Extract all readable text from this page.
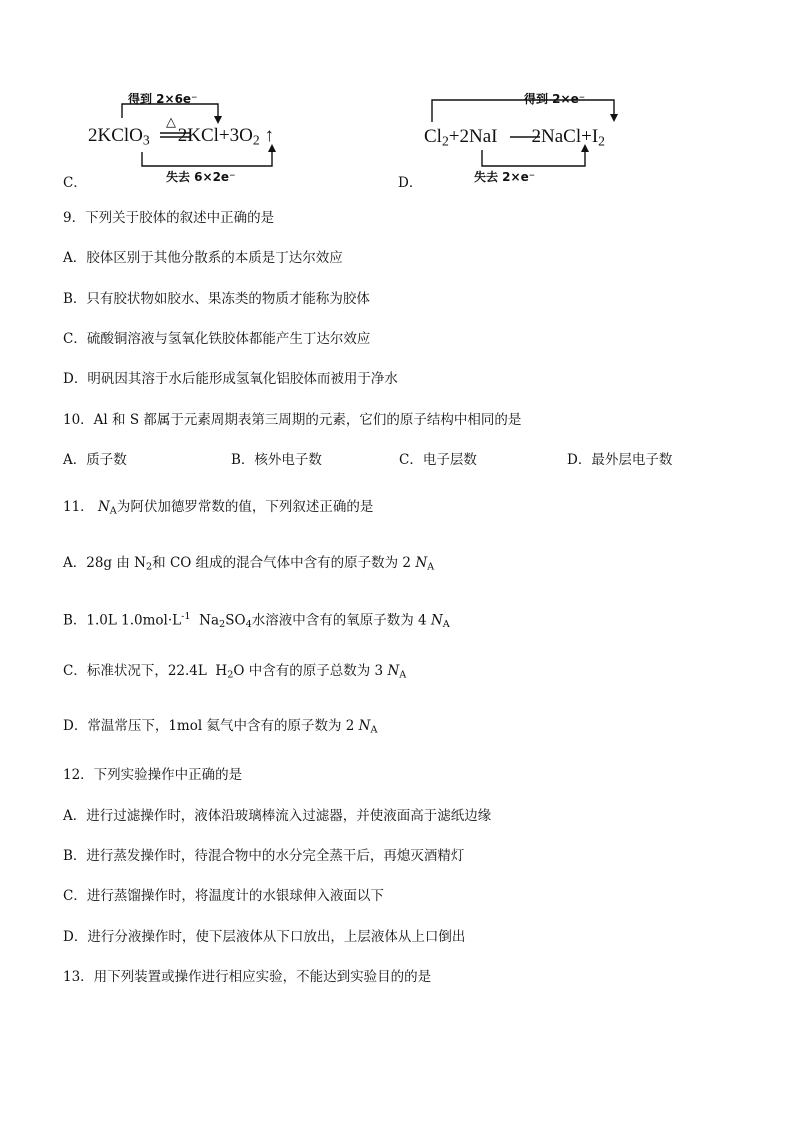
得到 2×6e⁻
失去 6×2e⁻
2KClO$_3$ $2KCl+3O_2$ ↑
△
C．
得到 2×e⁻
失去 2×e⁻
$Cl_2+2NaI$ $2NaCl+I_2$
D．
9．下列关于胶体的叙述中正确的是
A．胶体区别于其他分散系的本质是丁达尔效应
B．只有胶状物如胶水、果冻类的物质才能称为胶体
C．硫酸铜溶液与氢氧化铁胶体都能产生丁达尔效应
D．明矾因其溶于水后能形成氢氧化铝胶体而被用于净水
10．Al 和 S 都属于元素周期表第三周期的元素，它们的原子结构中相同的是
A．质子数	B．核外电子数	C．电子层数	D．最外层电子数
11． $N_A$为阿伏加德罗常数的值，下列叙述正确的是
A．28g 由 $N_2$和 CO 组成的混合气体中含有的原子数为 2 $N_A$
B．1.0L $1.0mol\cdot L^{-1}$  $Na_2SO_4$水溶液中含有的氧原子数为 4 $N_A$
C．标准状况下，22.4L  $H_2O$ 中含有的原子总数为 3 $N_A$
D．常温常压下，1mol 氦气中含有的原子数为 2 $N_A$
12．下列实验操作中正确的是
A．进行过滤操作时，液体沿玻璃棒流入过滤器，并使液面高于滤纸边缘
B．进行蒸发操作时，待混合物中的水分完全蒸干后，再熄灭酒精灯
C．进行蒸馏操作时，将温度计的水银球伸入液面以下
D．进行分液操作时，使下层液体从下口放出，上层液体从上口倒出
13．用下列装置或操作进行相应实验，不能达到实验目的的是
